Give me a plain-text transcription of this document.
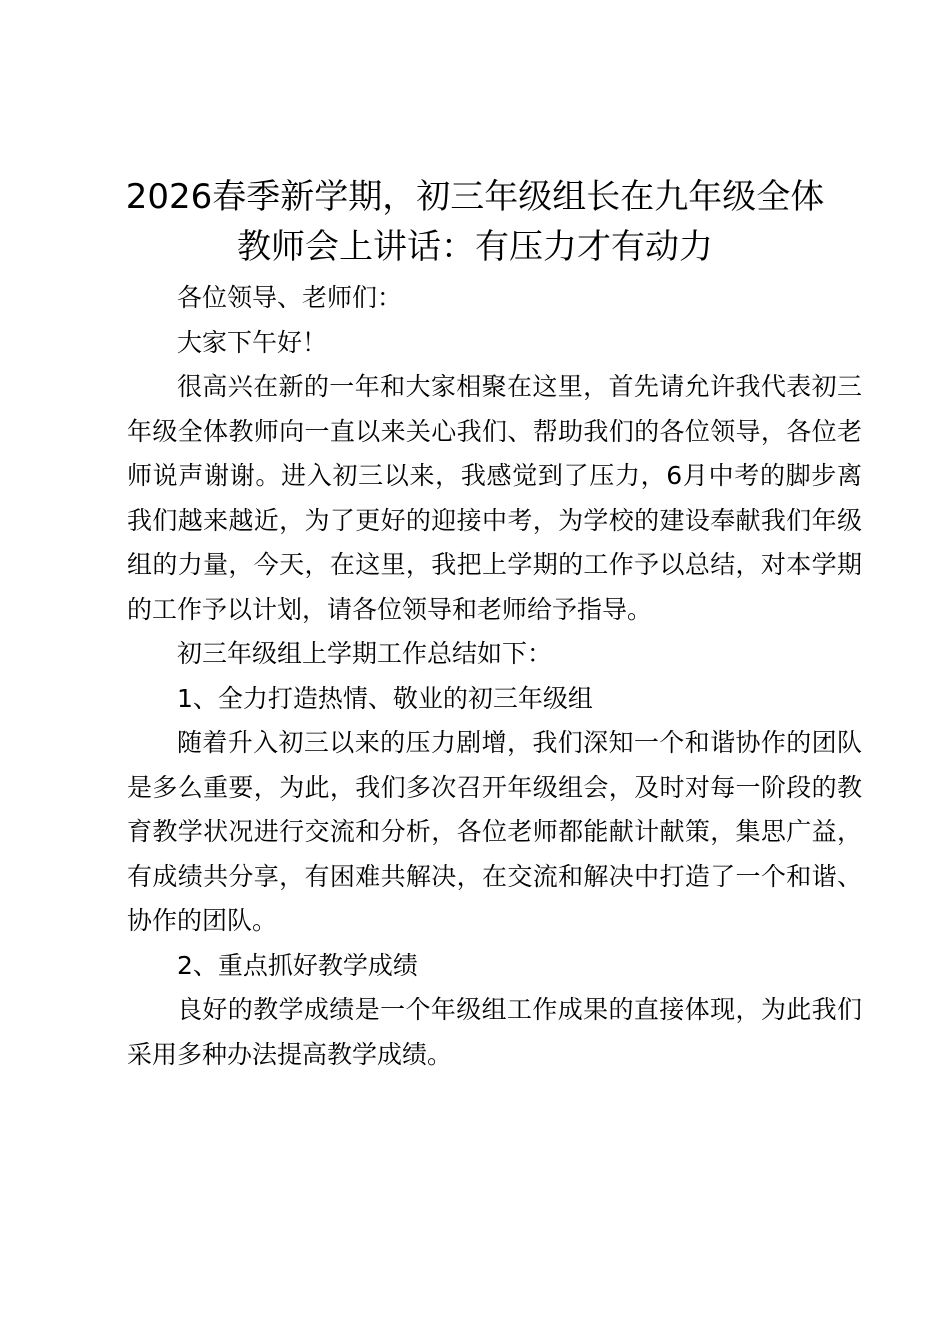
2026春季新学期，初三年级组长在九年级全体教师会上讲话：有压力才有动力

各位领导、老师们：

大家下午好！

很高兴在新的一年和大家相聚在这里，首先请允许我代表初三年级全体教师向一直以来关心我们、帮助我们的各位领导，各位老师说声谢谢。进入初三以来，我感觉到了压力，6月中考的脚步离我们越来越近，为了更好的迎接中考，为学校的建设奉献我们年级组的力量，今天，在这里，我把上学期的工作予以总结，对本学期的工作予以计划，请各位领导和老师给予指导。

初三年级组上学期工作总结如下：

1、全力打造热情、敬业的初三年级组

随着升入初三以来的压力剧增，我们深知一个和谐协作的团队是多么重要，为此，我们多次召开年级组会，及时对每一阶段的教育教学状况进行交流和分析，各位老师都能献计献策，集思广益，有成绩共分享，有困难共解决，在交流和解决中打造了一个和谐、协作的团队。

2、重点抓好教学成绩

良好的教学成绩是一个年级组工作成果的直接体现，为此我们采用多种办法提高教学成绩。
